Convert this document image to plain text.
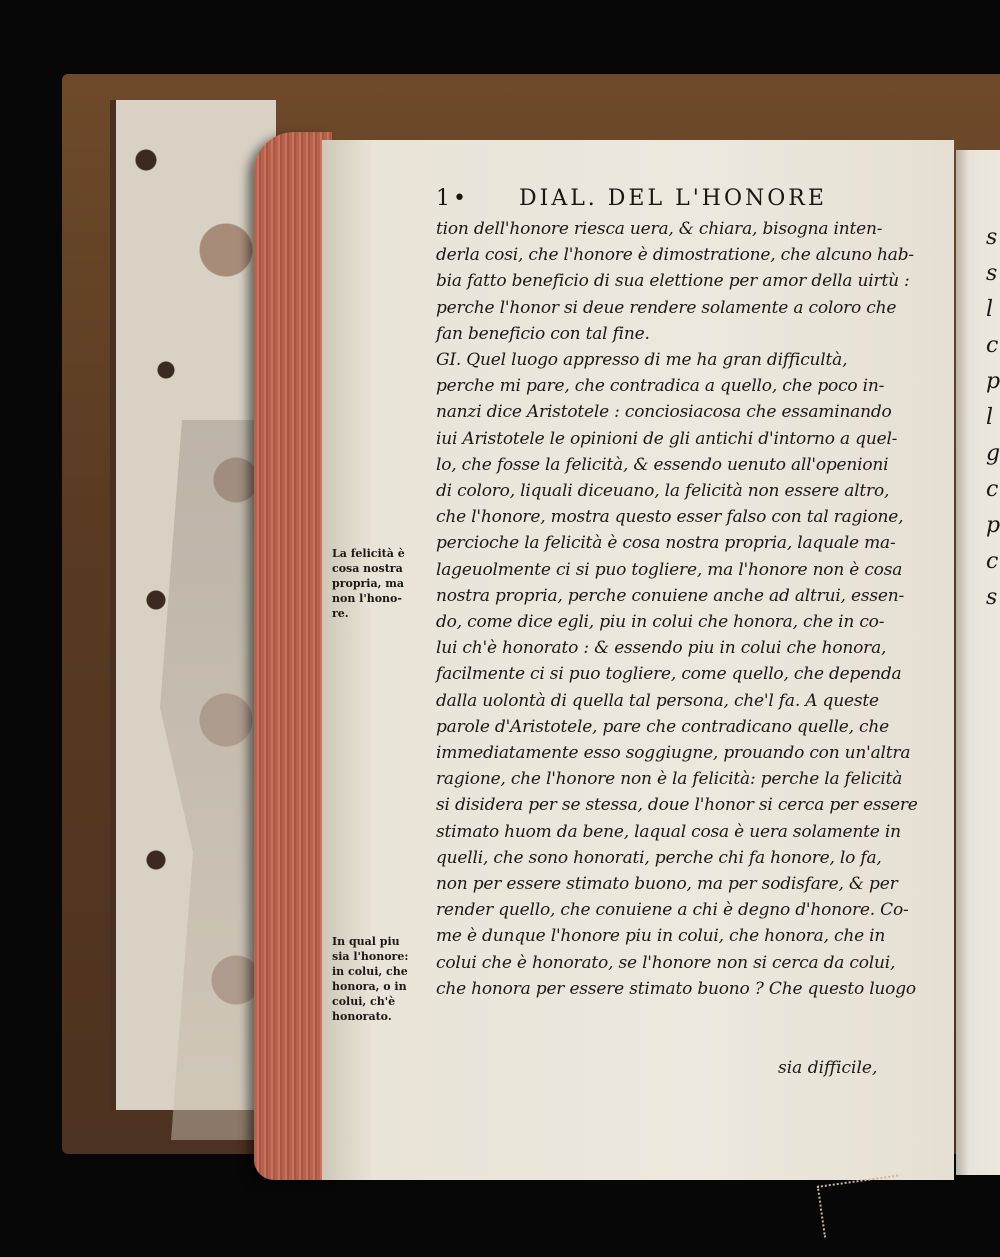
s
s
l
c
p
l
g
c
p
c
s
1• DIAL. DEL L'HONORE
tion dell'honore riesca uera, & chiara, bisogna inten-
derla cosi, che l'honore è dimostratione, che alcuno hab-
bia fatto beneficio di sua elettione per amor della uirtù :
perche l'honor si deue rendere solamente a coloro che
fan beneficio con tal fine.
GI. Quel luogo appresso di me ha gran difficultà,
perche mi pare, che contradica a quello, che poco in-
nanzi dice Aristotele : conciosiacosa che essaminando
iui Aristotele le opinioni de gli antichi d'intorno a quel-
lo, che fosse la felicità, & essendo uenuto all'openioni
di coloro, liquali diceuano, la felicità non essere altro,
che l'honore, mostra questo esser falso con tal ragione,
percioche la felicità è cosa nostra propria, laquale ma-
lageuolmente ci si puo togliere, ma l'honore non è cosa
nostra propria, perche conuiene anche ad altrui, essen-
do, come dice egli, piu in colui che honora, che in co-
lui ch'è honorato : & essendo piu in colui che honora,
facilmente ci si puo togliere, come quello, che dependa
dalla uolontà di quella tal persona, che'l fa. A queste
parole d'Aristotele, pare che contradicano quelle, che
immediatamente esso soggiugne, prouando con un'altra
ragione, che l'honore non è la felicità: perche la felicità
si disidera per se stessa, doue l'honor si cerca per essere
stimato huom da bene, laqual cosa è uera solamente in
quelli, che sono honorati, perche chi fa honore, lo fa,
non per essere stimato buono, ma per sodisfare, & per
render quello, che conuiene a chi è degno d'honore. Co-
me è dunque l'honore piu in colui, che honora, che in
colui che è honorato, se l'honore non si cerca da colui,
che honora per essere stimato buono ? Che questo luogo
La felicità è
cosa nostra
propria, ma
non l'hono-
re.
In qual piu
sia l'honore:
in colui, che
honora, o in
colui, ch'è
honorato.
sia difficile,
